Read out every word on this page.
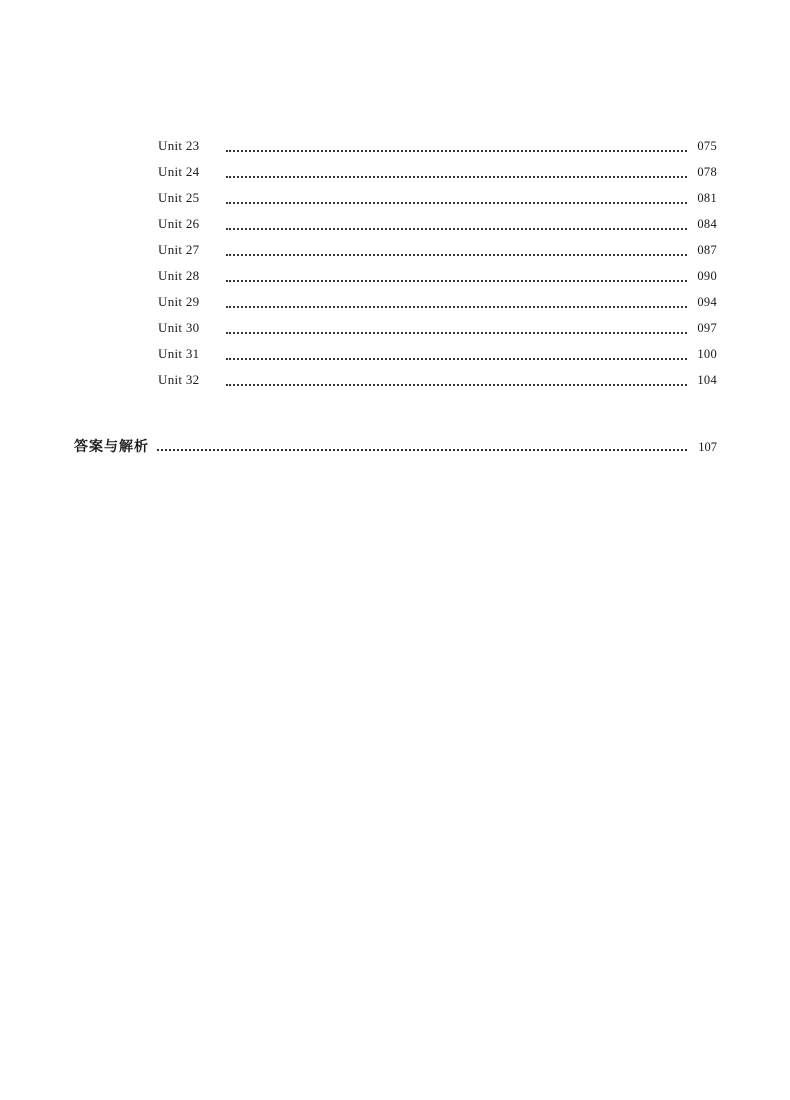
Unit 23	075
Unit 24	078
Unit 25	081
Unit 26	084
Unit 27	087
Unit 28	090
Unit 29	094
Unit 30	097
Unit 31	100
Unit 32	104
答案与解析	107
